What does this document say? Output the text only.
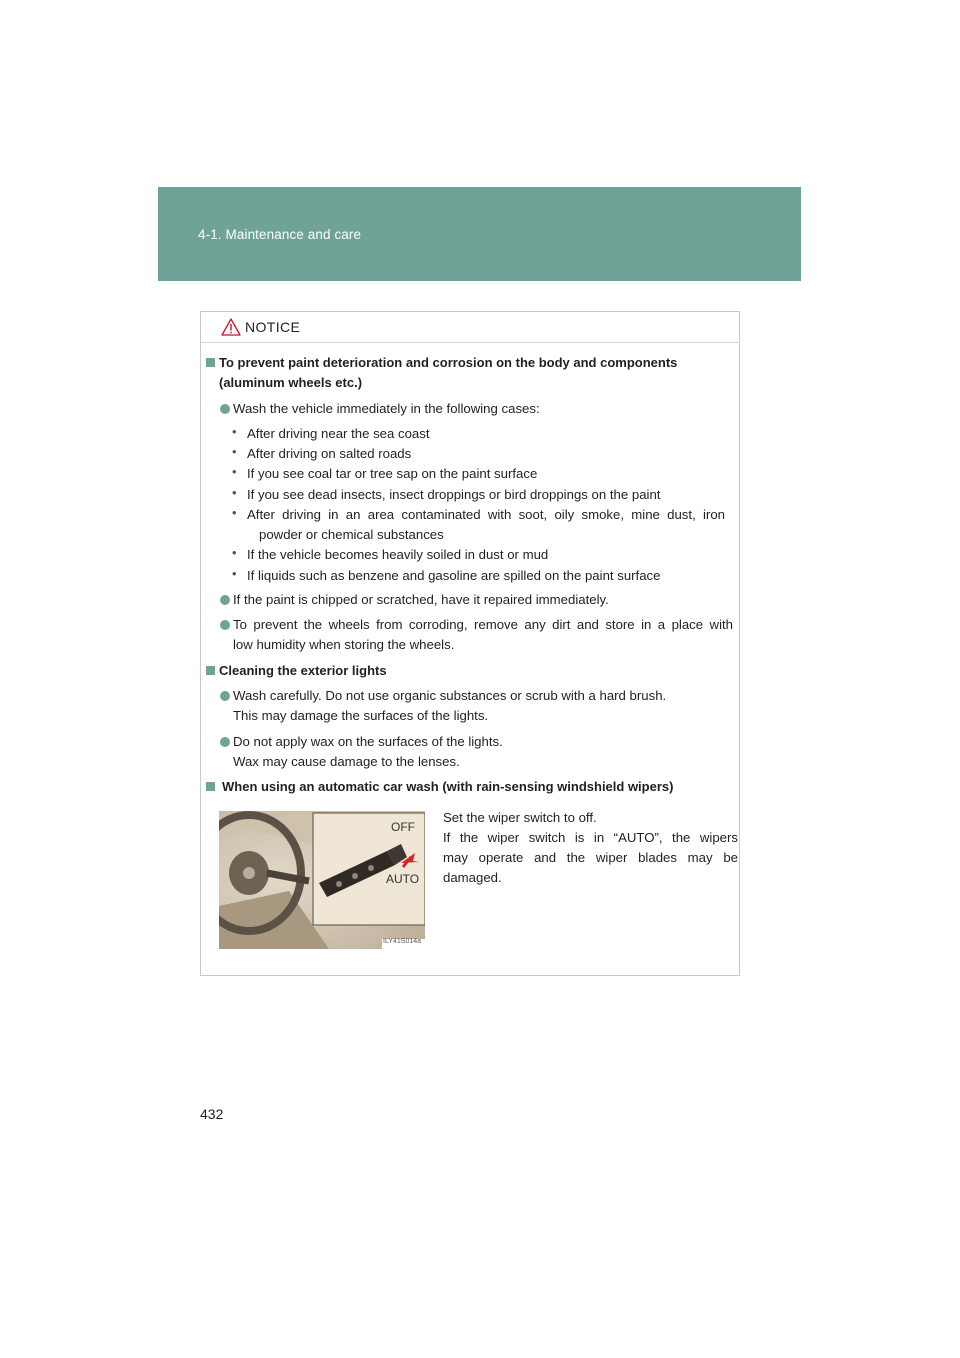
4-1. Maintenance and care
NOTICE
To prevent paint deterioration and corrosion on the body and components
(aluminum wheels etc.)
Wash the vehicle immediately in the following cases:
• After driving near the sea coast
• After driving on salted roads
• If you see coal tar or tree sap on the paint surface
• If you see dead insects, insect droppings or bird droppings on the paint
• After driving in an area contaminated with soot, oily smoke, mine dust, iron
powder or chemical substances
• If the vehicle becomes heavily soiled in dust or mud
• If liquids such as benzene and gasoline are spilled on the paint surface
If the paint is chipped or scratched, have it repaired immediately.
To prevent the wheels from corroding, remove any dirt and store in a place with
low humidity when storing the wheels.
Cleaning the exterior lights
Wash carefully. Do not use organic substances or scrub with a hard brush.
This may damage the surfaces of the lights.
Do not apply wax on the surfaces of the lights.
Wax may cause damage to the lenses.
When using an automatic car wash (with rain-sensing windshield wipers)
OFF
AUTO
ILY41S014a
Set the wiper switch to off.
If the wiper switch is in “AUTO”, the wipers
may operate and the wiper blades may be
damaged.
432
